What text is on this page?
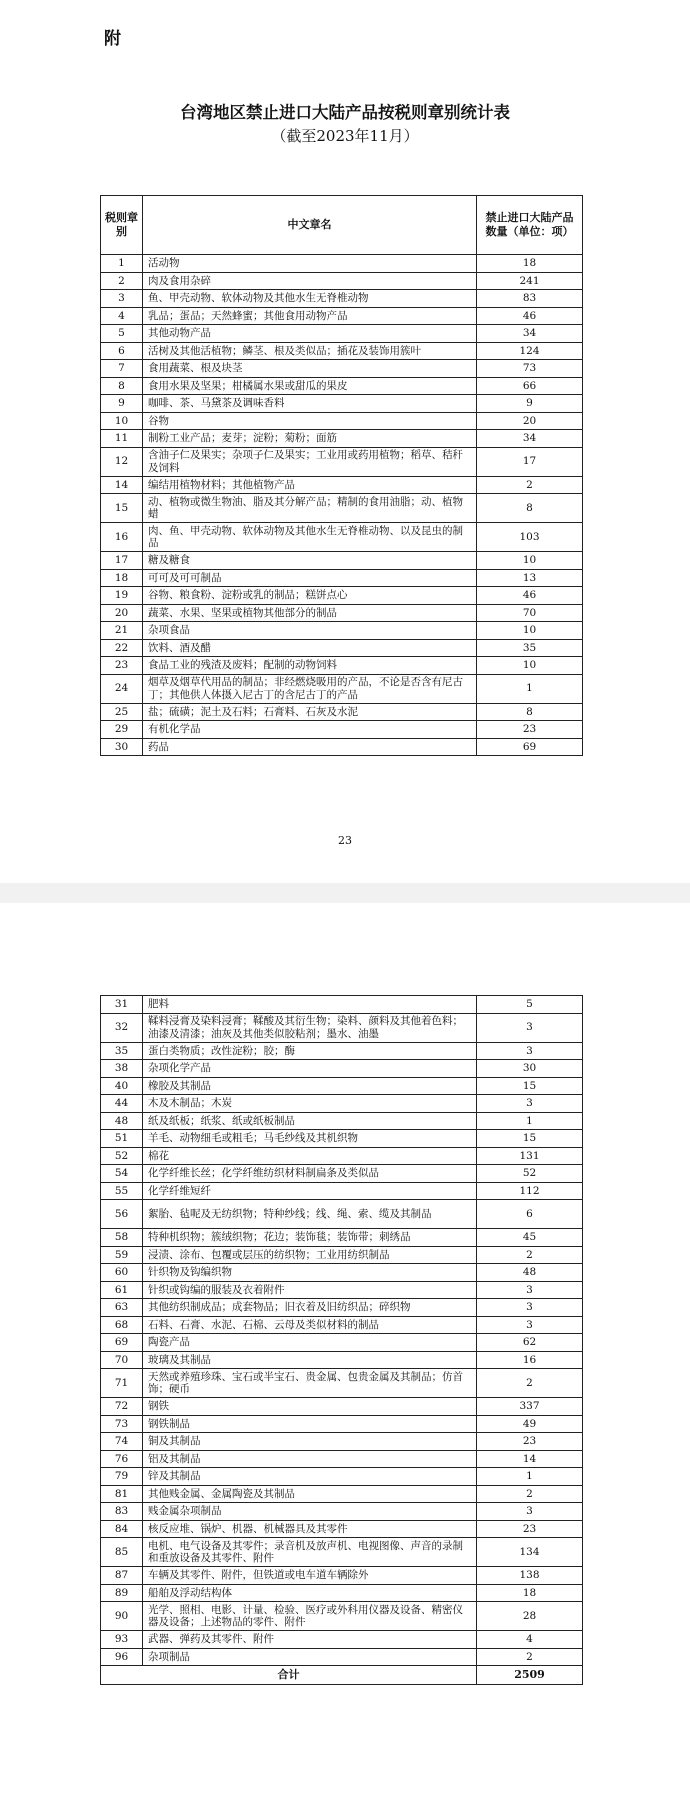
附
台湾地区禁止进口大陆产品按税则章别统计表
（截至2023年11月）
税则章别	中文章名	禁止进口大陆产品数量（单位：项）
1	活动物	18
2	肉及食用杂碎	241
3	鱼、甲壳动物、软体动物及其他水生无脊椎动物	83
4	乳品；蛋品；天然蜂蜜；其他食用动物产品	46
5	其他动物产品	34
6	活树及其他活植物；鳞茎、根及类似品；插花及装饰用簇叶	124
7	食用蔬菜、根及块茎	73
8	食用水果及坚果；柑橘属水果或甜瓜的果皮	66
9	咖啡、茶、马黛茶及调味香料	9
10	谷物	20
11	制粉工业产品；麦芽；淀粉；菊粉；面筋	34
12	含油子仁及果实；杂项子仁及果实；工业用或药用植物；稻草、秸秆及饲料	17
14	编结用植物材料；其他植物产品	2
15	动、植物或微生物油、脂及其分解产品；精制的食用油脂；动、植物蜡	8
16	肉、鱼、甲壳动物、软体动物及其他水生无脊椎动物、以及昆虫的制品	103
17	糖及糖食	10
18	可可及可可制品	13
19	谷物、粮食粉、淀粉或乳的制品；糕饼点心	46
20	蔬菜、水果、坚果或植物其他部分的制品	70
21	杂项食品	10
22	饮料、酒及醋	35
23	食品工业的残渣及废料；配制的动物饲料	10
24	烟草及烟草代用品的制品；非经燃烧吸用的产品，不论是否含有尼古丁；其他供人体摄入尼古丁的含尼古丁的产品	1
25	盐；硫磺；泥土及石料；石膏料、石灰及水泥	8
29	有机化学品	23
30	药品	69
23
31	肥料	5
32	鞣料浸膏及染料浸膏；鞣酸及其衍生物；染料、颜料及其他着色料；油漆及清漆；油灰及其他类似胶粘剂；墨水、油墨	3
35	蛋白类物质；改性淀粉；胶；酶	3
38	杂项化学产品	30
40	橡胶及其制品	15
44	木及木制品；木炭	3
48	纸及纸板；纸浆、纸或纸板制品	1
51	羊毛、动物细毛或粗毛；马毛纱线及其机织物	15
52	棉花	131
54	化学纤维长丝；化学纤维纺织材料制扁条及类似品	52
55	化学纤维短纤	112
56	絮胎、毡呢及无纺织物；特种纱线；线、绳、索、缆及其制品	6
58	特种机织物；簇绒织物；花边；装饰毯；装饰带；刺绣品	45
59	浸渍、涂布、包覆或层压的纺织物；工业用纺织制品	2
60	针织物及钩编织物	48
61	针织或钩编的服装及衣着附件	3
63	其他纺织制成品；成套物品；旧衣着及旧纺织品；碎织物	3
68	石料、石膏、水泥、石棉、云母及类似材料的制品	3
69	陶瓷产品	62
70	玻璃及其制品	16
71	天然或养殖珍珠、宝石或半宝石、贵金属、包贵金属及其制品；仿首饰；硬币	2
72	钢铁	337
73	钢铁制品	49
74	铜及其制品	23
76	铝及其制品	14
79	锌及其制品	1
81	其他贱金属、金属陶瓷及其制品	2
83	贱金属杂项制品	3
84	核反应堆、锅炉、机器、机械器具及其零件	23
85	电机、电气设备及其零件；录音机及放声机、电视图像、声音的录制和重放设备及其零件、附件	134
87	车辆及其零件、附件，但铁道或电车道车辆除外	138
89	船舶及浮动结构体	18
90	光学、照相、电影、计量、检验、医疗或外科用仪器及设备、精密仪器及设备；上述物品的零件、附件	28
93	武器、弹药及其零件、附件	4
96	杂项制品	2
合计		2509
